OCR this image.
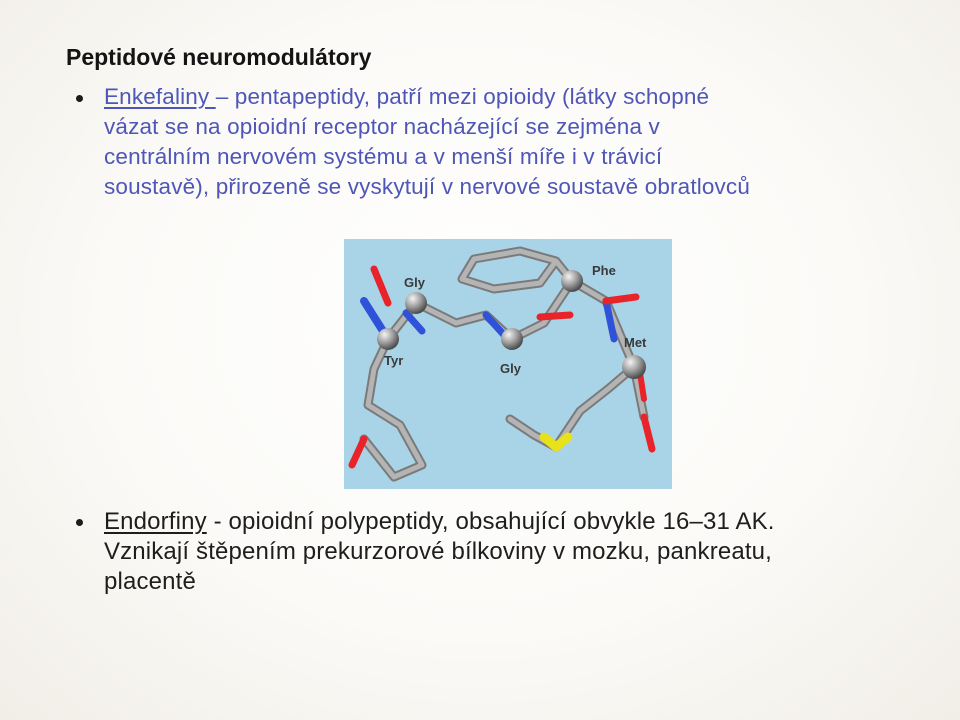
Peptidové neuromodulátory
Enkefaliny – pentapeptidy, patří mezi opioidy (látky schopné
vázat se na opioidní receptor nacházející se zejména v
centrálním nervovém systému a v menší míře i v trávicí
soustavě), přirozeně se vyskytují v nervové soustavě obratlovců
Gly
Phe
Tyr
Gly
Met
Endorfiny - opioidní polypeptidy, obsahující obvykle 16–31 AK.
Vznikají štěpením prekurzorové bílkoviny v mozku, pankreatu,
placentě
